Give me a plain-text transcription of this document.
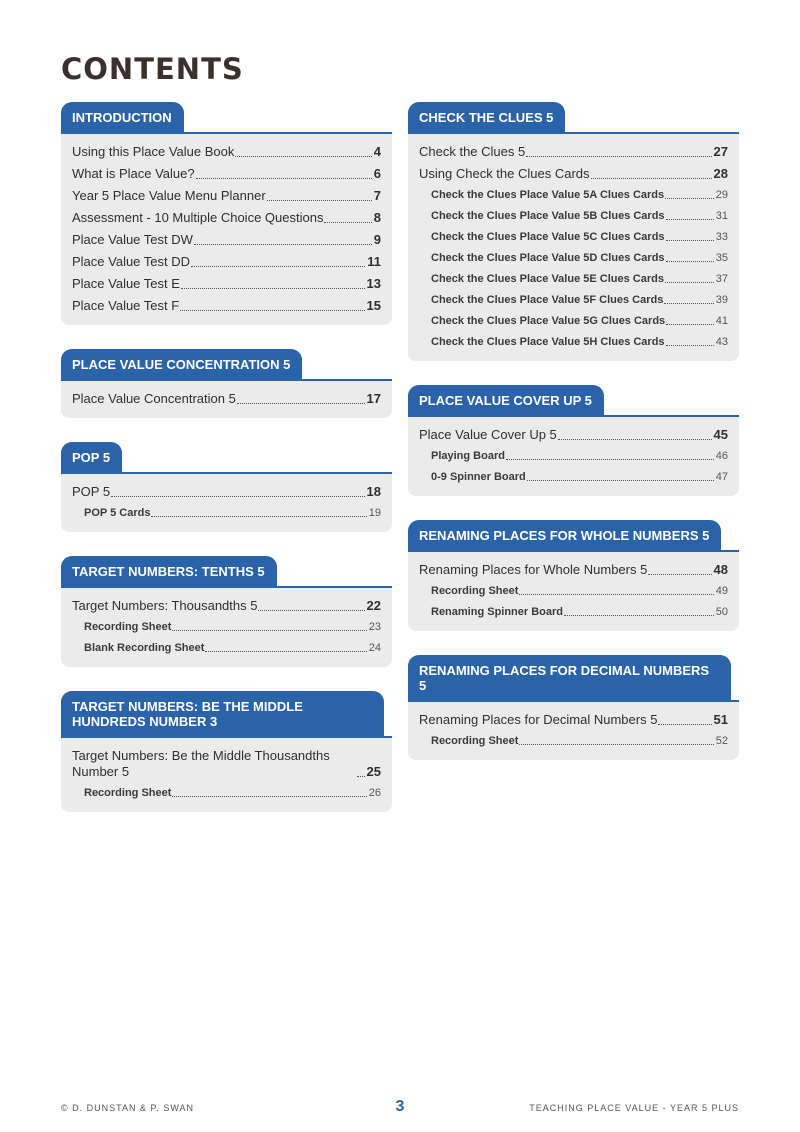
CONTENTS
INTRODUCTION
Using this Place Value Book	4
What is Place Value?	6
Year 5 Place Value Menu Planner	7
Assessment - 10 Multiple Choice Questions	8
Place Value Test DW	9
Place Value Test DD	11
Place Value Test E	13
Place Value Test F	15
PLACE VALUE CONCENTRATION 5
Place Value Concentration 5	17
POP 5
POP 5	18
POP 5 Cards	19
TARGET NUMBERS: TENTHS 5
Target Numbers: Thousandths 5	22
Recording Sheet	23
Blank Recording Sheet	24
TARGET NUMBERS: BE THE MIDDLE HUNDREDS NUMBER 3
Target Numbers: Be the Middle Thousandths Number 5	25
Recording Sheet	26
CHECK THE CLUES 5
Check the Clues 5	27
Using Check the Clues Cards	28
Check the Clues Place Value 5A Clues Cards	29
Check the Clues Place Value 5B Clues Cards	31
Check the Clues Place Value 5C Clues Cards	33
Check the Clues Place Value 5D Clues Cards	35
Check the Clues Place Value 5E Clues Cards	37
Check the Clues Place Value 5F Clues Cards	39
Check the Clues Place Value 5G Clues Cards	41
Check the Clues Place Value 5H Clues Cards	43
PLACE VALUE COVER UP 5
Place Value Cover Up 5	45
Playing Board	46
0-9 Spinner Board	47
RENAMING PLACES FOR WHOLE NUMBERS 5
Renaming Places for Whole Numbers 5	48
Recording Sheet	49
Renaming Spinner Board	50
RENAMING PLACES FOR DECIMAL NUMBERS 5
Renaming Places for Decimal Numbers 5	51
Recording Sheet	52
© D. DUNSTAN & P. SWAN	3	TEACHING PLACE VALUE - YEAR 5 PLUS
